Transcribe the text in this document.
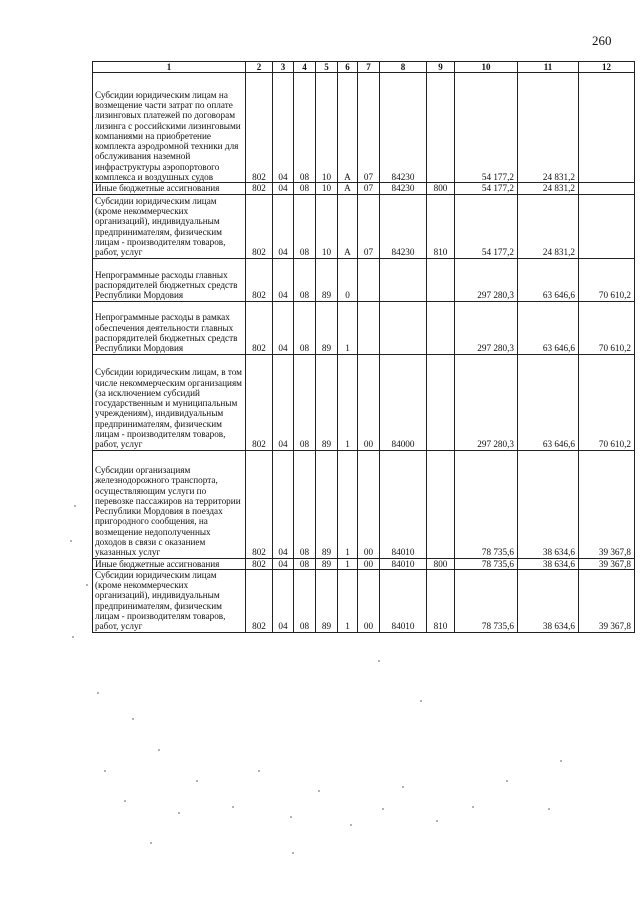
260
1	2	3	4	5	6	7	8	9	10	11	12
Субсидии юридическим лицам на возмещение части затрат по оплате лизинговых платежей по договорам лизинга с российскими лизинговыми компаниями на приобретение комплекта аэродромной техники для обслуживания наземной инфраструктуры аэропортового комплекса и воздушных судов	802	04	08	10	А	07	84230		54 177,2	24 831,2	
Иные бюджетные ассигнования	802	04	08	10	А	07	84230	800	54 177,2	24 831,2	
Субсидии юридическим лицам (кроме некоммерческих организаций), индивидуальным предпринимателям, физическим лицам - производителям товаров, работ, услуг	802	04	08	10	А	07	84230	810	54 177,2	24 831,2	
Непрограммные расходы главных распорядителей бюджетных средств Республики Мордовия	802	04	08	89	0				297 280,3	63 646,6	70 610,2
Непрограммные расходы в рамках обеспечения деятельности главных распорядителей бюджетных средств Республики Мордовия	802	04	08	89	1				297 280,3	63 646,6	70 610,2
Субсидии юридическим лицам, в том числе некоммерческим организациям (за исключением субсидий государственным и муниципальным учреждениям), индивидуальным предпринимателям, физическим лицам - производителям товаров, работ, услуг	802	04	08	89	1	00	84000		297 280,3	63 646,6	70 610,2
Субсидии организациям железнодорожного транспорта, осуществляющим услуги по перевозке пассажиров на территории Республики Мордовия в поездах пригородного сообщения, на возмещение недополученных доходов в связи с оказанием указанных услуг	802	04	08	89	1	00	84010		78 735,6	38 634,6	39 367,8
Иные бюджетные ассигнования	802	04	08	89	1	00	84010	800	78 735,6	38 634,6	39 367,8
Субсидии юридическим лицам (кроме некоммерческих организаций), индивидуальным предпринимателям, физическим лицам - производителям товаров, работ, услуг	802	04	08	89	1	00	84010	810	78 735,6	38 634,6	39 367,8
